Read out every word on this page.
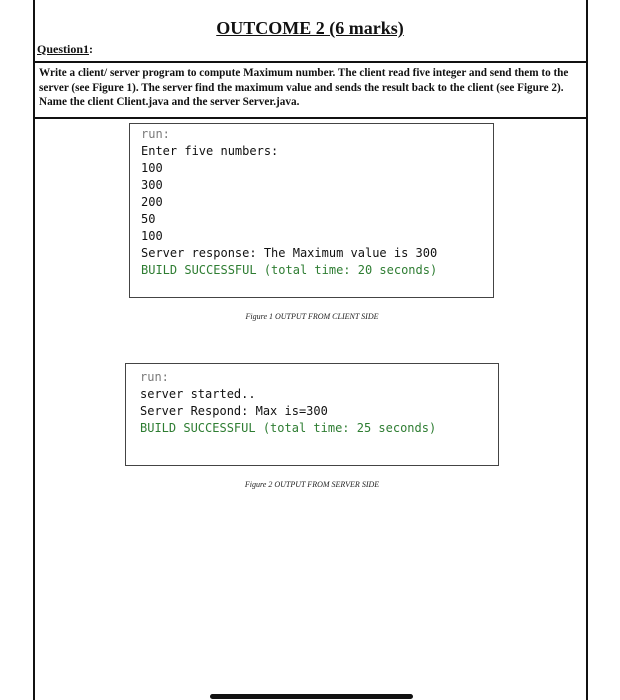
OUTCOME 2 (6 marks)
Question1:

Write a client/ server program to compute Maximum number. The client read five integer and send them to the server (see Figure 1). The server find the maximum value and sends the result back to the client (see Figure 2). Name the client Client.java and the server Server.java.

run:
Enter five numbers:
100
300
200
50
100
Server response: The Maximum value is 300
BUILD SUCCESSFUL (total time: 20 seconds)
Figure 1 OUTPUT FROM CLIENT SIDE
run:
server started..
Server Respond: Max is=300
BUILD SUCCESSFUL (total time: 25 seconds)
Figure 2 OUTPUT FROM SERVER SIDE
